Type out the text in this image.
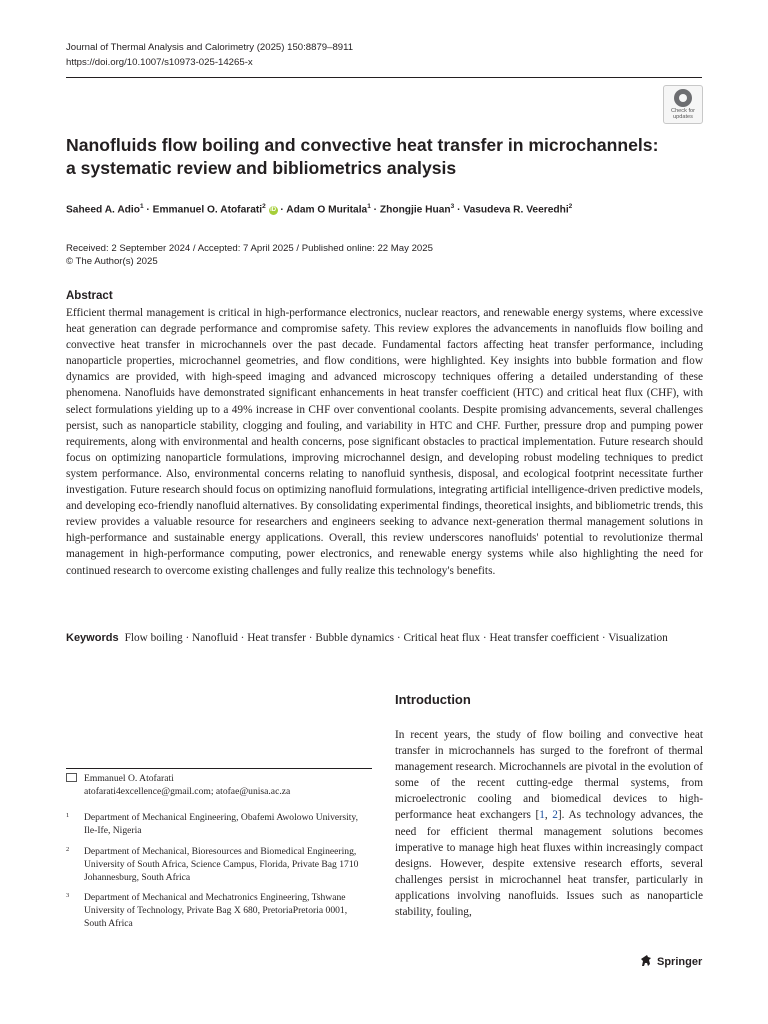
Journal of Thermal Analysis and Calorimetry (2025) 150:8879–8911
https://doi.org/10.1007/s10973-025-14265-x
Check for
updates
Nanofluids flow boiling and convective heat transfer in microchannels:
a systematic review and bibliometrics analysis
Saheed A. Adio$^1$ · Emmanuel O. Atofarati$^2$ iD · Adam O Muritala$^1$ · Zhongjie Huan$^3$ · Vasudeva R. Veeredhi$^2$
Received: 2 September 2024 / Accepted: 7 April 2025 / Published online: 22 May 2025
© The Author(s) 2025
Abstract
Efficient thermal management is critical in high-performance electronics, nuclear reactors, and renewable energy systems, where excessive heat generation can degrade performance and compromise safety. This review explores the advancements in nanofluids flow boiling and convective heat transfer in microchannels over the past decade. Fundamental factors affecting heat transfer performance, including nanoparticle properties, microchannel geometries, and flow conditions, were highlighted. Key insights into bubble formation and flow dynamics are provided, with high-speed imaging and advanced microscopy techniques offering a detailed understanding of these phenomena. Nanofluids have demonstrated significant enhancements in heat transfer coefficient (HTC) and critical heat flux (CHF), with select formulations yielding up to a 49% increase in CHF over conventional coolants. Despite promising advancements, several challenges persist, such as nanoparticle stability, clogging and fouling, and variability in HTC and CHF. Further, pressure drop and pumping power requirements, along with environmental and health concerns, pose significant obstacles to practical implementation. Future research should focus on optimizing nanoparticle formulations, improving microchannel design, and developing robust modeling techniques to predict system performance. Also, environmental concerns relating to nanofluid synthesis, disposal, and ecological footprint necessitate further investigation. Future research should focus on optimizing nanofluid formulations, integrating artificial intelligence-driven predictive models, and developing eco-friendly nanofluid alternatives. By consolidating experimental findings, theoretical insights, and bibliometric trends, this review provides a valuable resource for researchers and engineers seeking to advance next-generation thermal management solutions in high-performance and sustainable energy applications. Overall, this review underscores nanofluids' potential to revolutionize thermal management in high-performance computing, power electronics, and renewable energy systems while also highlighting the need for continued research to overcome existing challenges and fully realize this technology's benefits.
Keywords Flow boiling · Nanofluid · Heat transfer · Bubble dynamics · Critical heat flux · Heat transfer coefficient · Visualization
Introduction
In recent years, the study of flow boiling and convective heat transfer in microchannels has surged to the forefront of thermal management research. Microchannels are pivotal in the evolution of some of the recent cutting-edge thermal systems, from microelectronic cooling and biomedical devices to high-performance heat exchangers [1, 2]. As technology advances, the need for efficient thermal management solutions becomes imperative to manage high heat fluxes within increasingly compact designs. However, despite extensive research efforts, several challenges persist in microchannel heat transfer, particularly in applications involving nanofluids. Issues such as nanoparticle stability, fouling,
Emmanuel O. Atofarati
atofarati4excellence@gmail.com; atofae@unisa.ac.za
1 Department of Mechanical Engineering, Obafemi Awolowo University, Ile-Ife, Nigeria
2 Department of Mechanical, Bioresources and Biomedical Engineering, University of South Africa, Science Campus, Florida, Private Bag 1710 Johannesburg, South Africa
3 Department of Mechanical and Mechatronics Engineering, Tshwane University of Technology, Private Bag X 680, PretoriaPretoria 0001, South Africa
Springer
